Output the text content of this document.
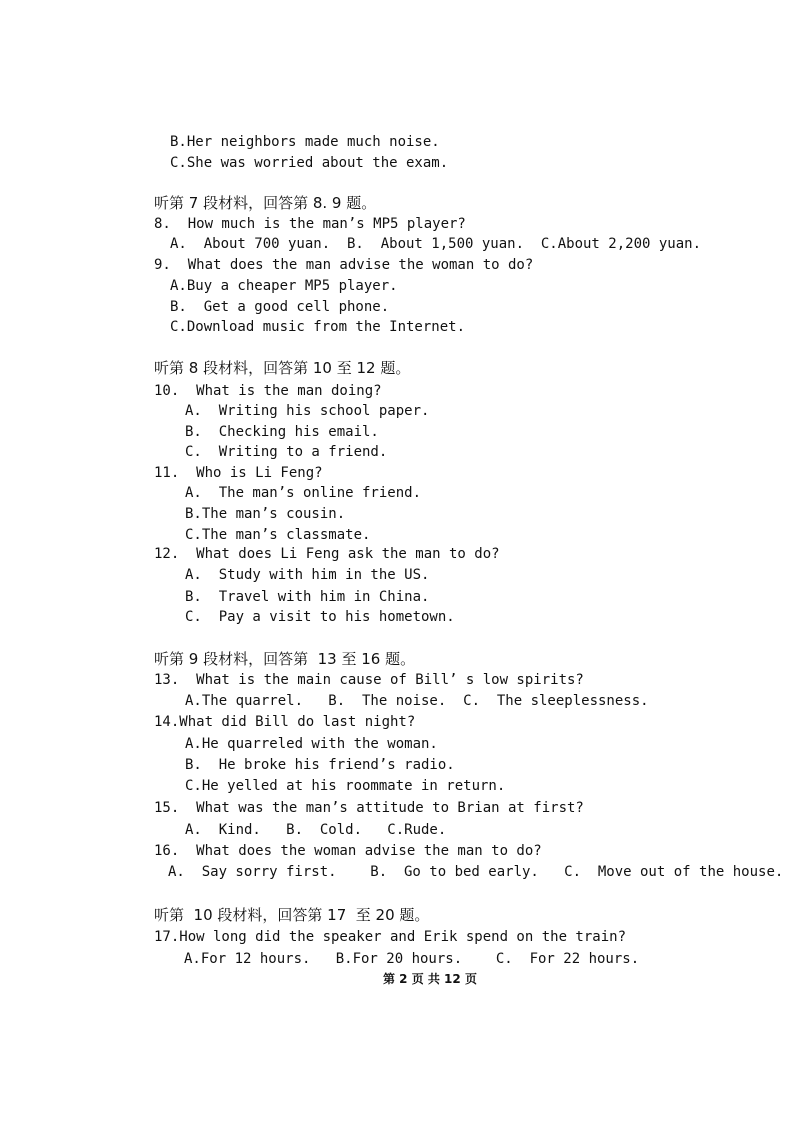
B.Her neighbors made much noise.
C.She was worried about the exam.
听第 7 段材料，回答第 8. 9 题。
8.  How much is the man’s MP5 player?
A.  About 700 yuan.  B.  About 1,500 yuan.  C.About 2,200 yuan.
9.  What does the man advise the woman to do?
A.Buy a cheaper MP5 player.
B.  Get a good cell phone.
C.Download music from the Internet.
听第 8 段材料，回答第 10 至 12 题。
10.  What is the man doing?
A.  Writing his school paper.
B.  Checking his email.
C.  Writing to a friend.
11.  Who is Li Feng?
A.  The man’s online friend.
B.The man’s cousin.
C.The man’s classmate.
12.  What does Li Feng ask the man to do?
A.  Study with him in the US.
B.  Travel with him in China.
C.  Pay a visit to his hometown.
听第 9 段材料，回答第  13 至 16 题。
13.  What is the main cause of Bill’ s low spirits?
A.The quarrel.   B.  The noise.  C.  The sleeplessness.
14.What did Bill do last night?
A.He quarreled with the woman.
B.  He broke his friend’s radio.
C.He yelled at his roommate in return.
15.  What was the man’s attitude to Brian at first?
A.  Kind.   B.  Cold.   C.Rude.
16.  What does the woman advise the man to do?
A.  Say sorry first.    B.  Go to bed early.   C.  Move out of the house.
听第  10 段材料，回答第 17  至 20 题。
17.How long did the speaker and Erik spend on the train?
A.For 12 hours.   B.For 20 hours.    C.  For 22 hours.
第 2 页 共 12 页
